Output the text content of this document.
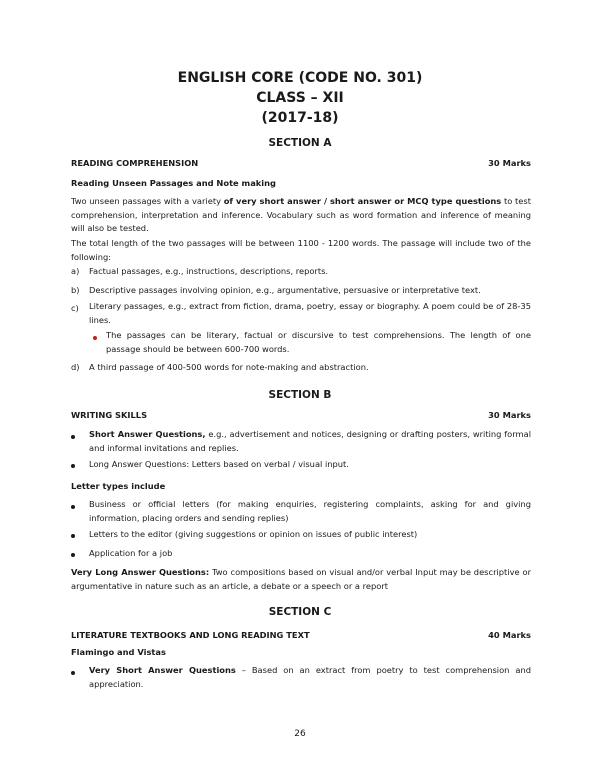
ENGLISH CORE (CODE NO. 301)
CLASS – XII
(2017-18)
SECTION A
READING COMPREHENSION	30 Marks
Reading Unseen Passages and Note making
Two unseen passages with a variety of very short answer / short answer or MCQ type questions to test comprehension, interpretation and inference. Vocabulary such as word formation and inference of meaning will also be tested.
The total length of the two passages will be between 1100 - 1200 words. The passage will include two of the following:
a) Factual passages, e.g., instructions, descriptions, reports.
b) Descriptive passages involving opinion, e.g., argumentative, persuasive or interpretative text.
c) Literary passages, e.g., extract from fiction, drama, poetry, essay or biography. A poem could be of 28-35 lines.
The passages can be literary, factual or discursive to test comprehensions. The length of one passage should be between 600-700 words.
d) A third passage of 400-500 words for note-making and abstraction.
SECTION B
WRITING SKILLS	30 Marks
Short Answer Questions, e.g., advertisement and notices, designing or drafting posters, writing formal and informal invitations and replies.
Long Answer Questions: Letters based on verbal / visual input.
Letter types include
Business or official letters (for making enquiries, registering complaints, asking for and giving information, placing orders and sending replies)
Letters to the editor (giving suggestions or opinion on issues of public interest)
Application for a job
Very Long Answer Questions: Two compositions based on visual and/or verbal Input may be descriptive or argumentative in nature such as an article, a debate or a speech or a report
SECTION C
LITERATURE TEXTBOOKS AND LONG READING TEXT	40 Marks
Flamingo and Vistas
Very Short Answer Questions – Based on an extract from poetry to test comprehension and appreciation.
26
